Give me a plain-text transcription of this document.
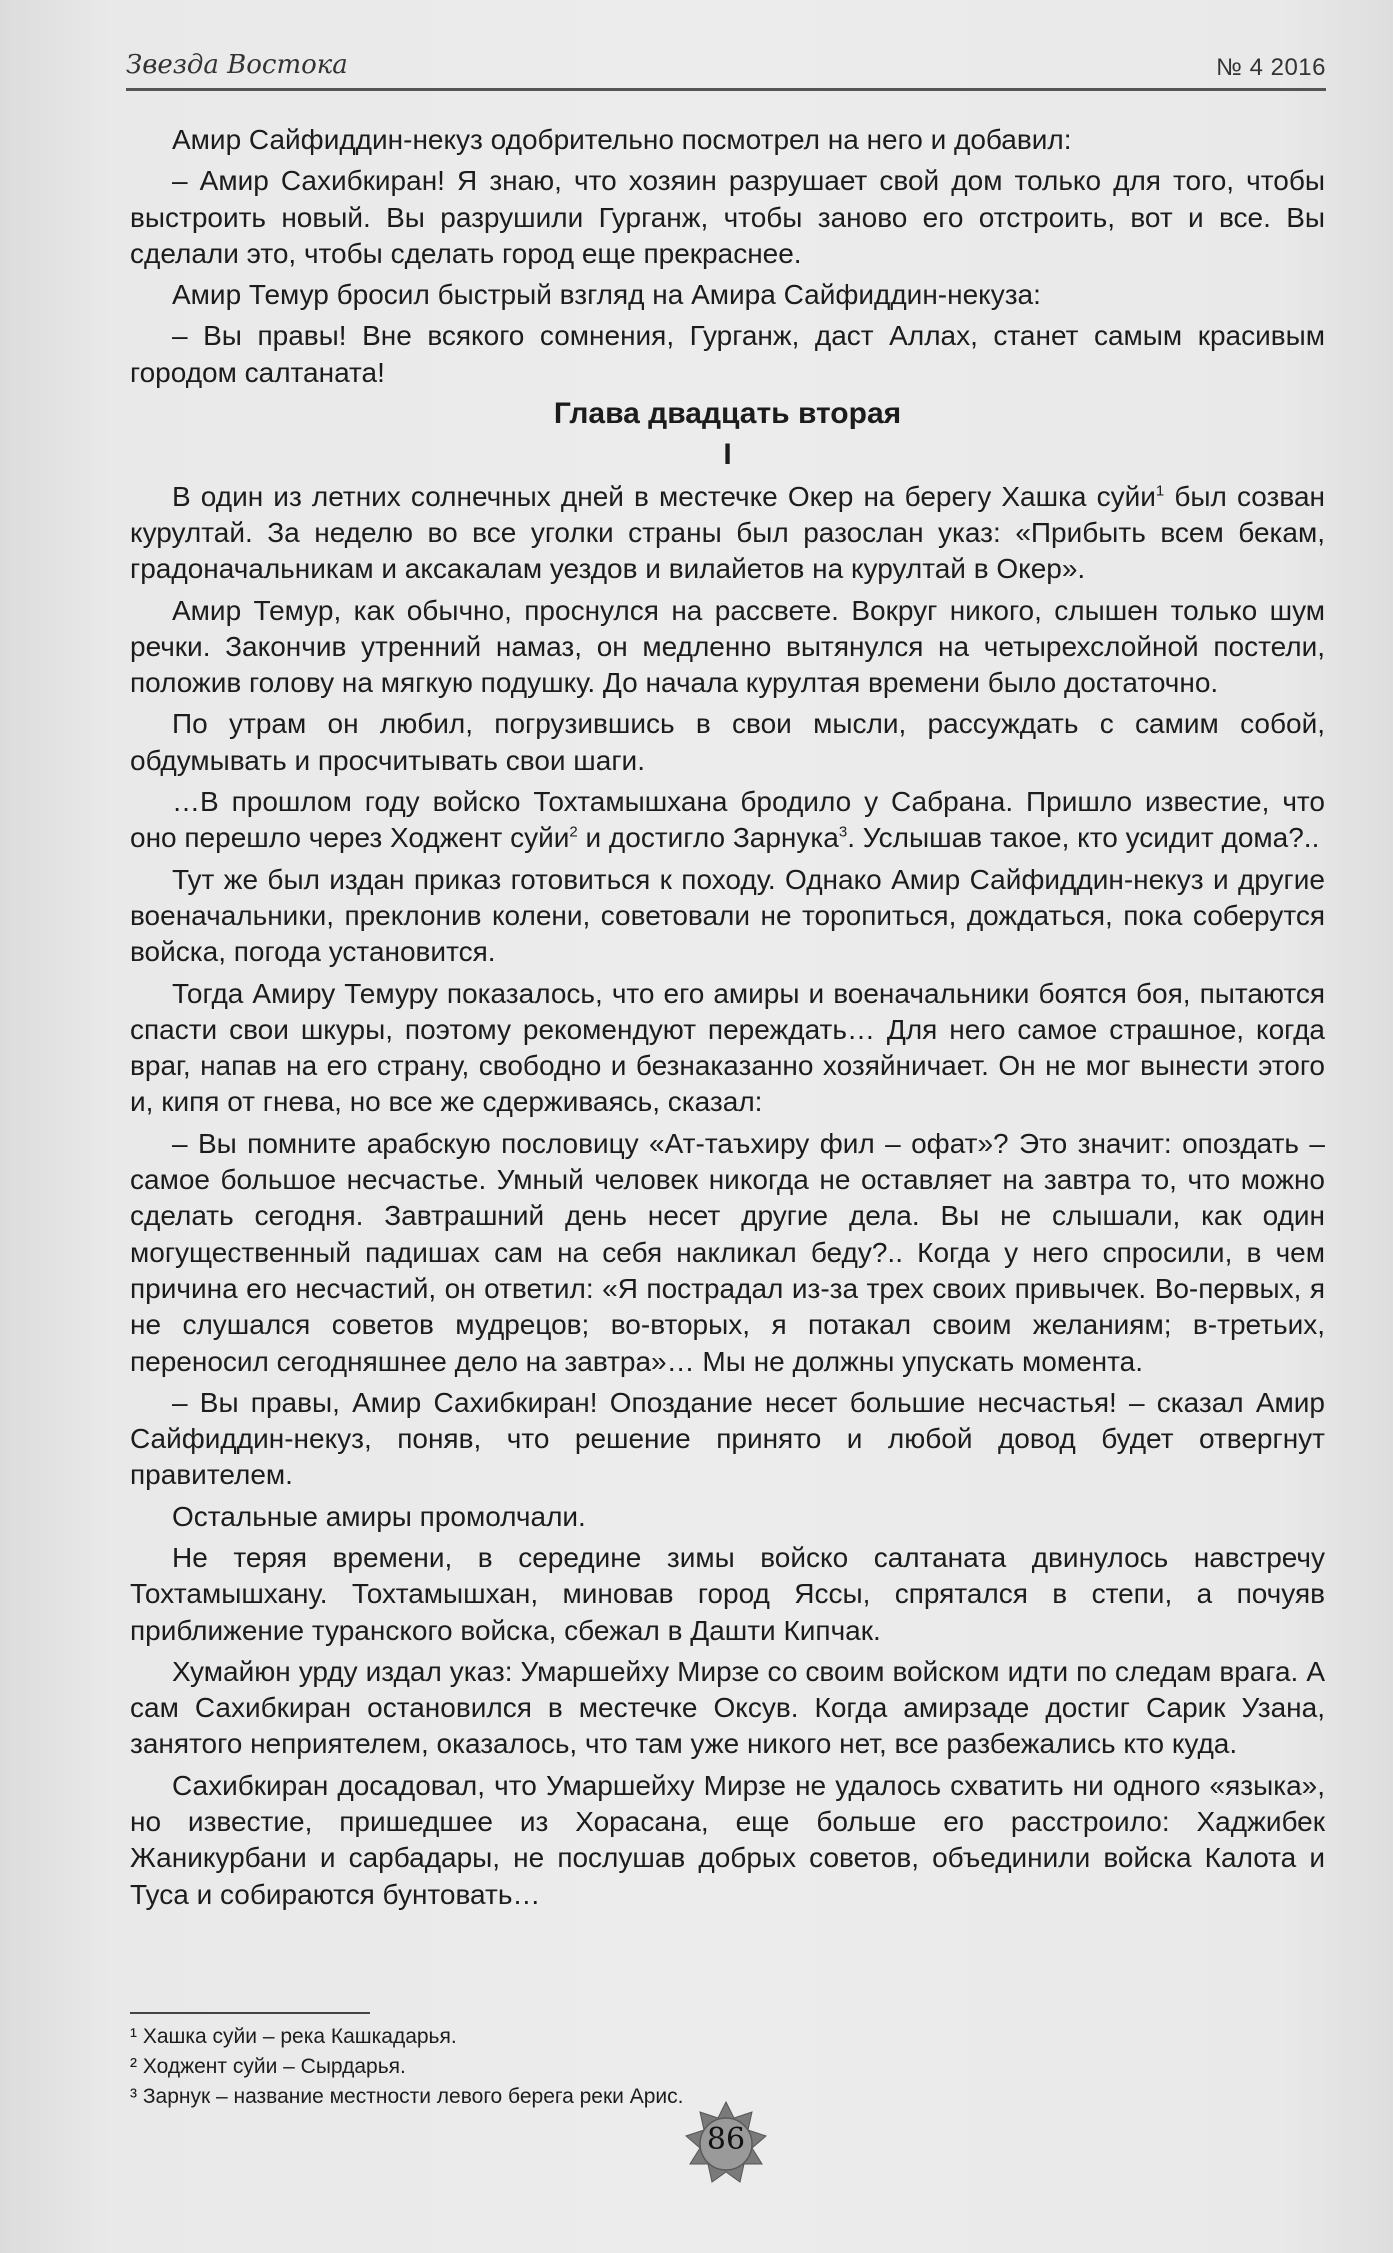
Звезда Востока	№ 4 2016

Амир Сайфиддин-некуз одобрительно посмотрел на него и добавил:

– Амир Сахибкиран! Я знаю, что хозяин разрушает свой дом только для того, чтобы выстроить новый. Вы разрушили Гурганж, чтобы заново его отстроить, вот и все. Вы сделали это, чтобы сделать город еще прекраснее.

Амир Темур бросил быстрый взгляд на Амира Сайфиддин-некуза:

– Вы правы! Вне всякого сомнения, Гурганж, даст Аллах, станет самым красивым городом салтаната!

Глава двадцать вторая

I

В один из летних солнечных дней в местечке Окер на берегу Хашка суйи$^1$ был созван курултай. За неделю во все уголки страны был разослан указ: «Прибыть всем бекам, градоначальникам и аксакалам уездов и вилайетов на курултай в Окер».

Амир Темур, как обычно, проснулся на рассвете. Вокруг никого, слышен только шум речки. Закончив утренний намаз, он медленно вытянулся на четырехслойной постели, положив голову на мягкую подушку. До начала курултая времени было достаточно.

По утрам он любил, погрузившись в свои мысли, рассуждать с самим собой, обдумывать и просчитывать свои шаги.

…В прошлом году войско Тохтамышхана бродило у Сабрана. Пришло известие, что оно перешло через Ходжент суйи$^2$ и достигло Зарнука$^3$. Услышав такое, кто усидит дома?..

Тут же был издан приказ готовиться к походу. Однако Амир Сайфиддин-некуз и другие военачальники, преклонив колени, советовали не торопиться, дождаться, пока соберутся войска, погода установится.

Тогда Амиру Темуру показалось, что его амиры и военачальники боятся боя, пытаются спасти свои шкуры, поэтому рекомендуют переждать… Для него самое страшное, когда враг, напав на его страну, свободно и безнаказанно хозяйничает. Он не мог вынести этого и, кипя от гнева, но все же сдерживаясь, сказал:

– Вы помните арабскую пословицу «Ат-таъхиру фил – офат»? Это значит: опоздать – самое большое несчастье. Умный человек никогда не оставляет на завтра то, что можно сделать сегодня. Завтрашний день несет другие дела. Вы не слышали, как один могущественный падишах сам на себя накликал беду?.. Когда у него спросили, в чем причина его несчастий, он ответил: «Я пострадал из-за трех своих привычек. Во-первых, я не слушался советов мудрецов; во-вторых, я потакал своим желаниям; в-третьих, переносил сегодняшнее дело на завтра»… Мы не должны упускать момента.

– Вы правы, Амир Сахибкиран! Опоздание несет большие несчастья! – сказал Амир Сайфиддин-некуз, поняв, что решение принято и любой довод будет отвергнут правителем.

Остальные амиры промолчали.

Не теряя времени, в середине зимы войско салтаната двинулось навстречу Тохтамышхану. Тохтамышхан, миновав город Яссы, спрятался в степи, а почуяв приближение туранского войска, сбежал в Дашти Кипчак.

Хумайюн урду издал указ: Умаршейху Мирзе со своим войском идти по следам врага. А сам Сахибкиран остановился в местечке Оксув. Когда амирзаде достиг Сарик Узана, занятого неприятелем, оказалось, что там уже никого нет, все разбежались кто куда.

Сахибкиран досадовал, что Умаршейху Мирзе не удалось схватить ни одного «языка», но известие, пришедшее из Хорасана, еще больше его расстроило: Хаджибек Жаникурбани и сарбадары, не послушав добрых советов, объединили войска Калота и Туса и собираются бунтовать…

¹ Хашка суйи – река Кашкадарья.
² Ходжент суйи – Сырдарья.
³ Зарнук – название местности левого берега реки Арис.
86
